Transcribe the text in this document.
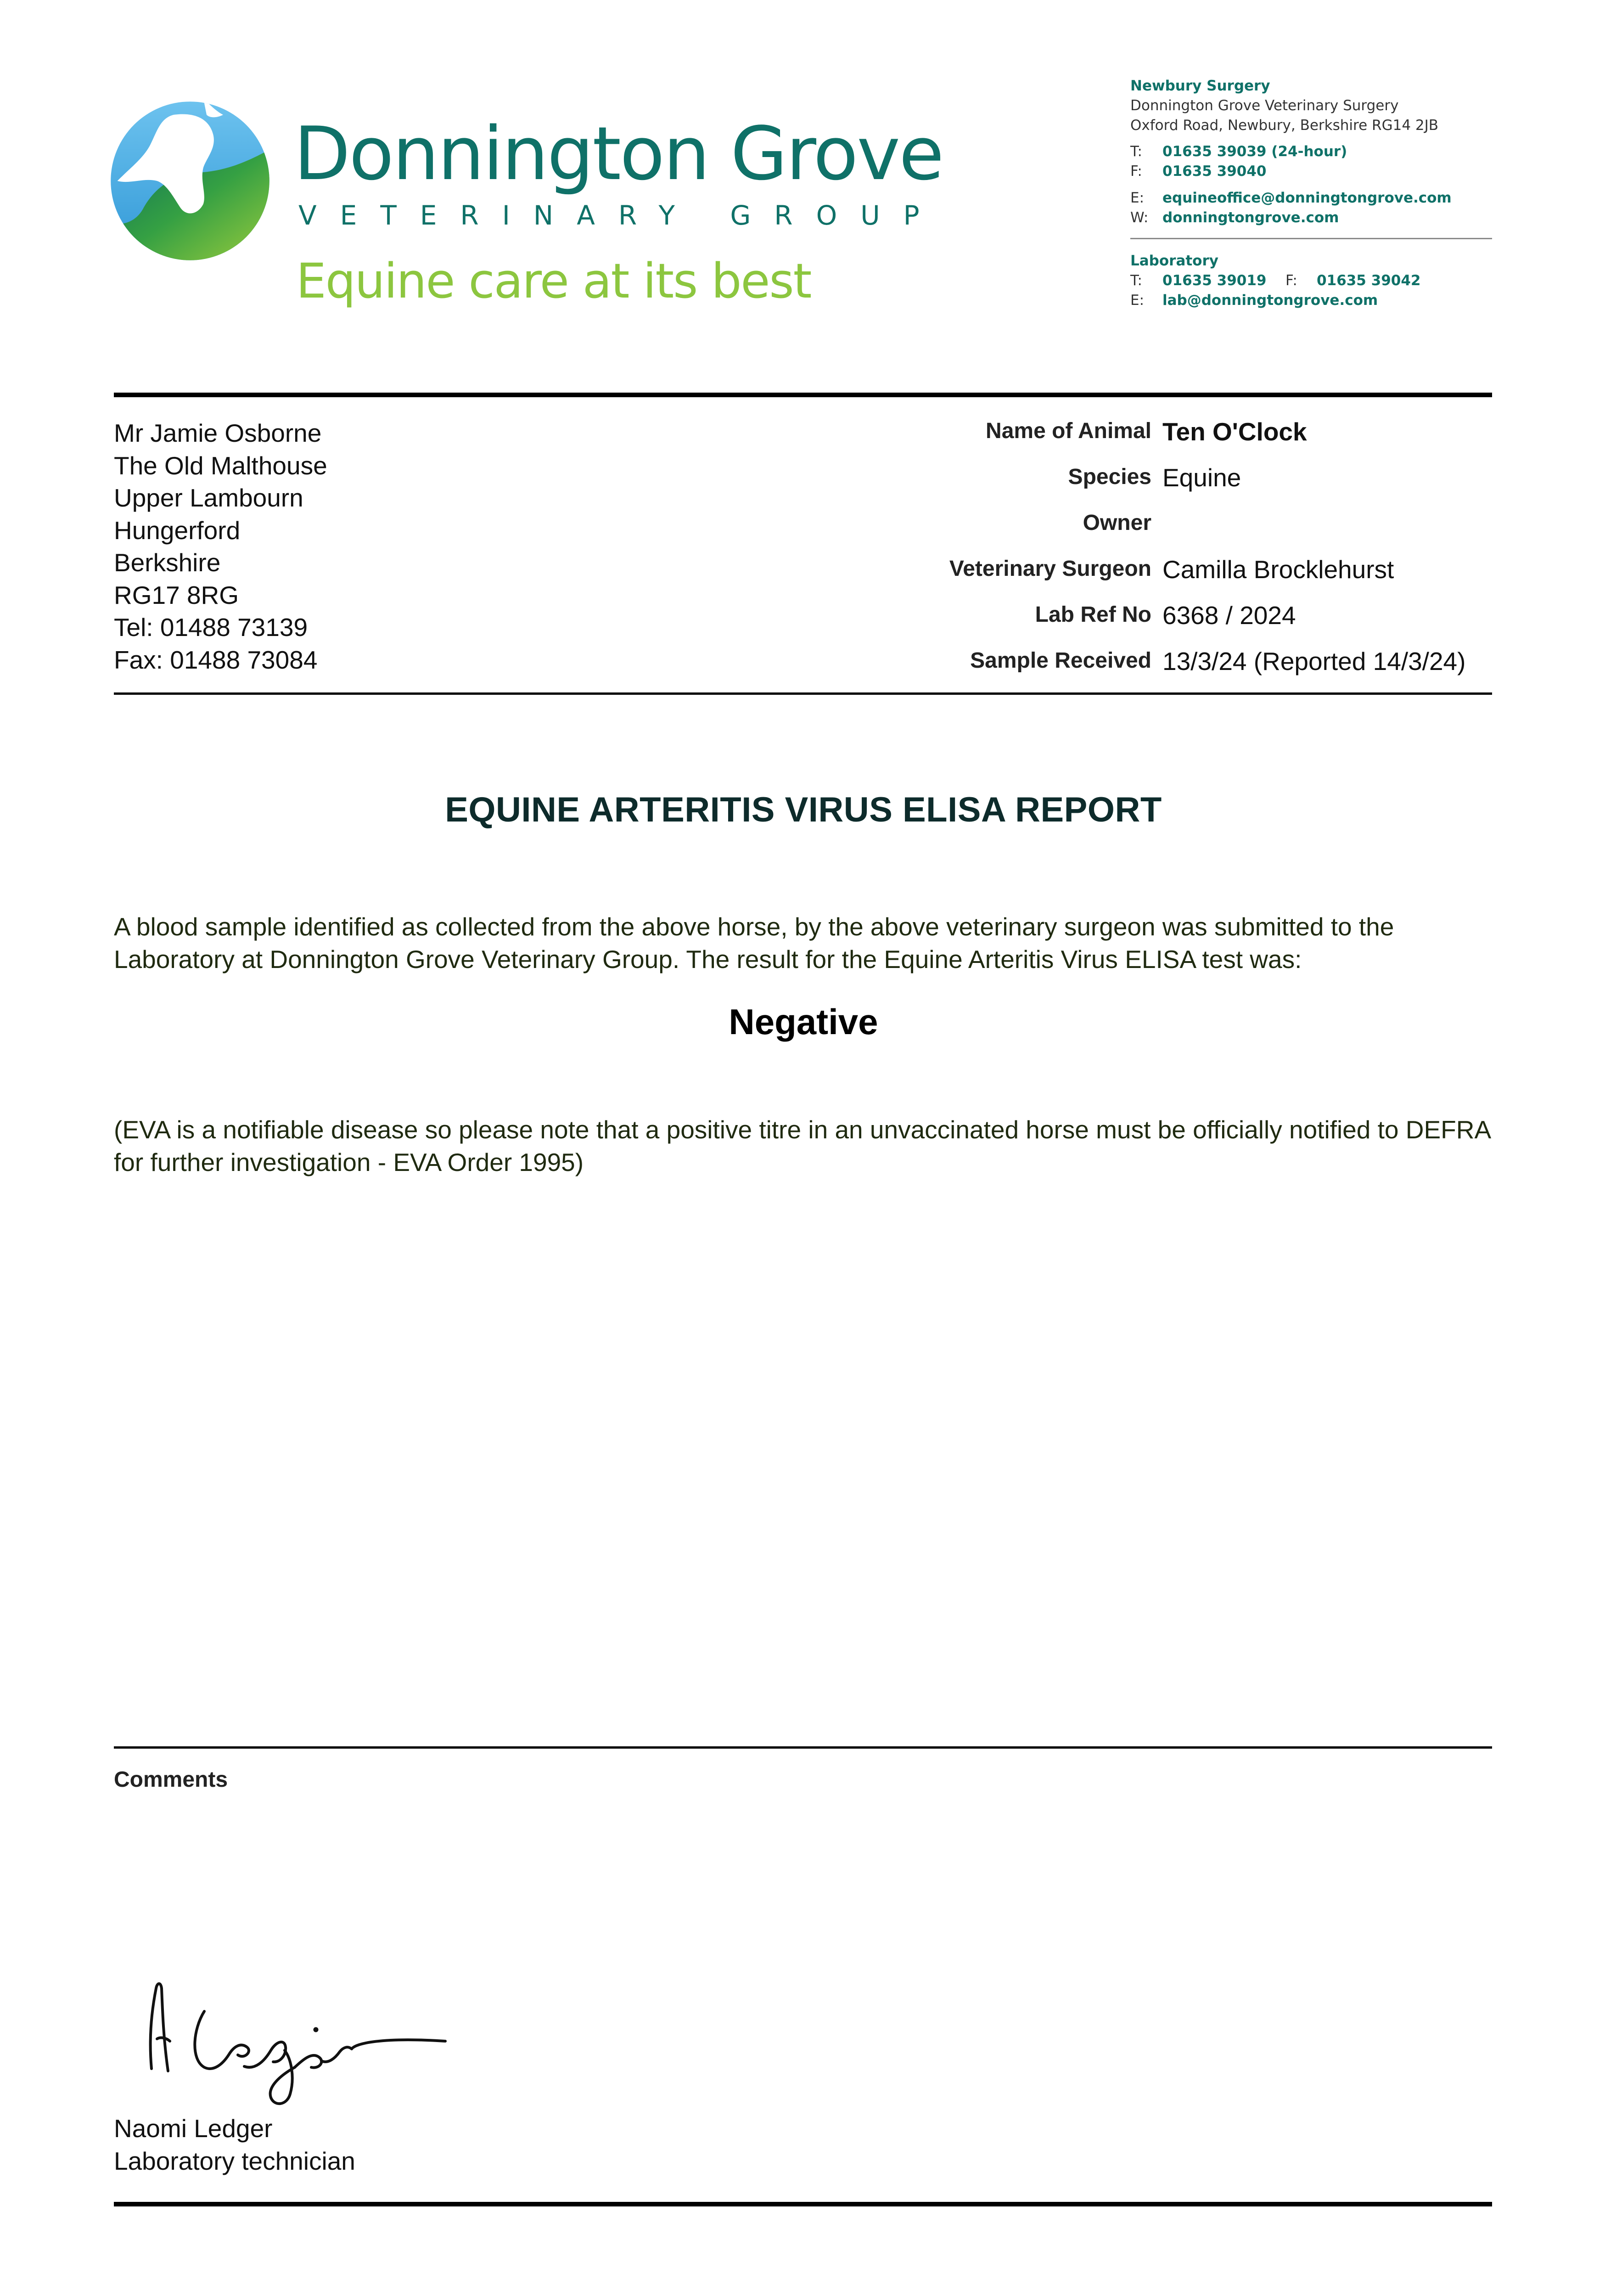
Donnington Grove
VETERINARY GROUP
Equine care at its best
Newbury Surgery
Donnington Grove Veterinary Surgery
Oxford Road, Newbury, Berkshire RG14 2JB
T: 01635 39039 (24-hour)
F: 01635 39040
E: equineoffice@donningtongrove.com
W: donningtongrove.com
Laboratory
T: 01635 39019 F: 01635 39042
E: lab@donningtongrove.com
Mr Jamie Osborne
The Old Malthouse
Upper Lambourn
Hungerford
Berkshire
RG17 8RG
Tel: 01488 73139
Fax: 01488 73084
Name of Animal Ten O'Clock
Species Equine
Owner
Veterinary Surgeon Camilla Brocklehurst
Lab Ref No 6368 / 2024
Sample Received 13/3/24 (Reported 14/3/24)
EQUINE ARTERITIS VIRUS ELISA REPORT
A blood sample identified as collected from the above horse, by the above veterinary surgeon was submitted to the Laboratory at Donnington Grove Veterinary Group. The result for the Equine Arteritis Virus ELISA test was:
Negative
(EVA is a notifiable disease so please note that a positive titre in an unvaccinated horse must be officially notified to DEFRA for further investigation - EVA Order 1995)
Comments
Naomi Ledger
Laboratory technician
